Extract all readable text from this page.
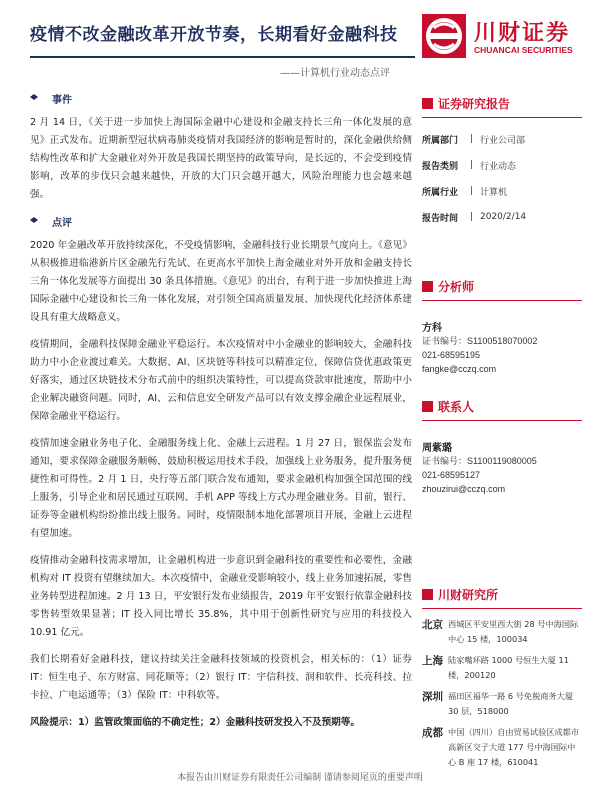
疫情不改金融改革开放节奏，长期看好金融科技	川财证券
CHUANCAI SECURITIES
——计算机行业动态点评
事件

2 月 14 日，《关于进一步加快上海国际金融中心建设和金融支持长三角一体化发展的意见》正式发布。近期新型冠状病毒肺炎疫情对我国经济的影响是暂时的，深化金融供给侧结构性改革和扩大金融业对外开放是我国长期坚持的政策导向，是长远的，不会受到疫情影响，改革的步伐只会越来越快，开放的大门只会越开越大，风险治理能力也会越来越强。

点评

2020 年金融改革开放持续深化，不受疫情影响，金融科技行业长期景气度向上。《意见》从积极推进临港新片区金融先行先试、在更高水平加快上海金融业对外开放和金融支持长三角一体化发展等方面提出 30 条具体措施。《意见》的出台，有利于进一步加快推进上海国际金融中心建设和长三角一体化发展，对引领全国高质量发展、加快现代化经济体系建设具有重大战略意义。

疫情期间，金融科技保障金融业平稳运行。本次疫情对中小金融业的影响较大，金融科技助力中小企业渡过难关。大数据、AI、区块链等科技可以精准定位，保障信贷优惠政策更好落实，通过区块链技术分布式前中的组织决策特性，可以提高贷款审批速度，帮助中小企业解决融资问题。同时，AI、云和信息安全研发产品可以有效支撑金融企业远程展业，保障金融业平稳运行。

疫情加速金融业务电子化、金融服务线上化、金融上云进程。1 月 27 日，银保监会发布通知，要求保障金融服务顺畅，鼓励积极运用技术手段，加强线上业务服务，提升服务便捷性和可得性。2 月 1 日，央行等五部门联合发布通知，要求金融机构加强全国范围的线上服务，引导企业和居民通过互联网、手机 APP 等线上方式办理金融业务。目前，银行、证券等金融机构纷纷推出线上服务。同时，疫情限制本地化部署项目开展，金融上云进程有望加速。

疫情推动金融科技需求增加，让金融机构进一步意识到金融科技的重要性和必要性，金融机构对 IT 投资有望继续加大。本次疫情中，金融业受影响较小，线上业务加速拓展，零售业务转型进程加速。2 月 13 日，平安银行发布业绩报告，2019 年平安银行依靠金融科技零售转型效果显著；IT 投入同比增长 35.8%，其中用于创新性研究与应用的科技投入 10.91 亿元。

我们长期看好金融科技，建议持续关注金融科技领域的投资机会，相关标的：（1）证券 IT：恒生电子、东方财富、同花顺等；（2）银行 IT：宇信科技、润和软件、长亮科技、拉卡拉、广电运通等；（3）保险 IT：中科软等。

风险提示：1）监管政策面临的不确定性；2）金融科技研发投入不及预期等。

证券研究报告
所属部门	| 行业公司部
报告类别	| 行业动态
所属行业	| 计算机
报告时间	| 2020/2/14
分析师
方科
证书编号：S1100518070002
021-68595195
fangke@cczq.com
联系人
周紫璐
证书编号：S1100119080005
021-68595127
zhouzirui@cczq.com
川财研究所
北京 西城区平安里西大街 28 号中海国际中心 15 楼，100034
上海 陆家嘴环路 1000 号恒生大厦 11 楼，200120
深圳 福田区福华一路 6 号免税商务大厦 30 层，518000
成都 中国（四川）自由贸易试验区成都市高新区交子大道 177 号中海国际中心 B 座 17 楼，610041
本报告由川财证券有限责任公司编制 谨请参阅尾页的重要声明
